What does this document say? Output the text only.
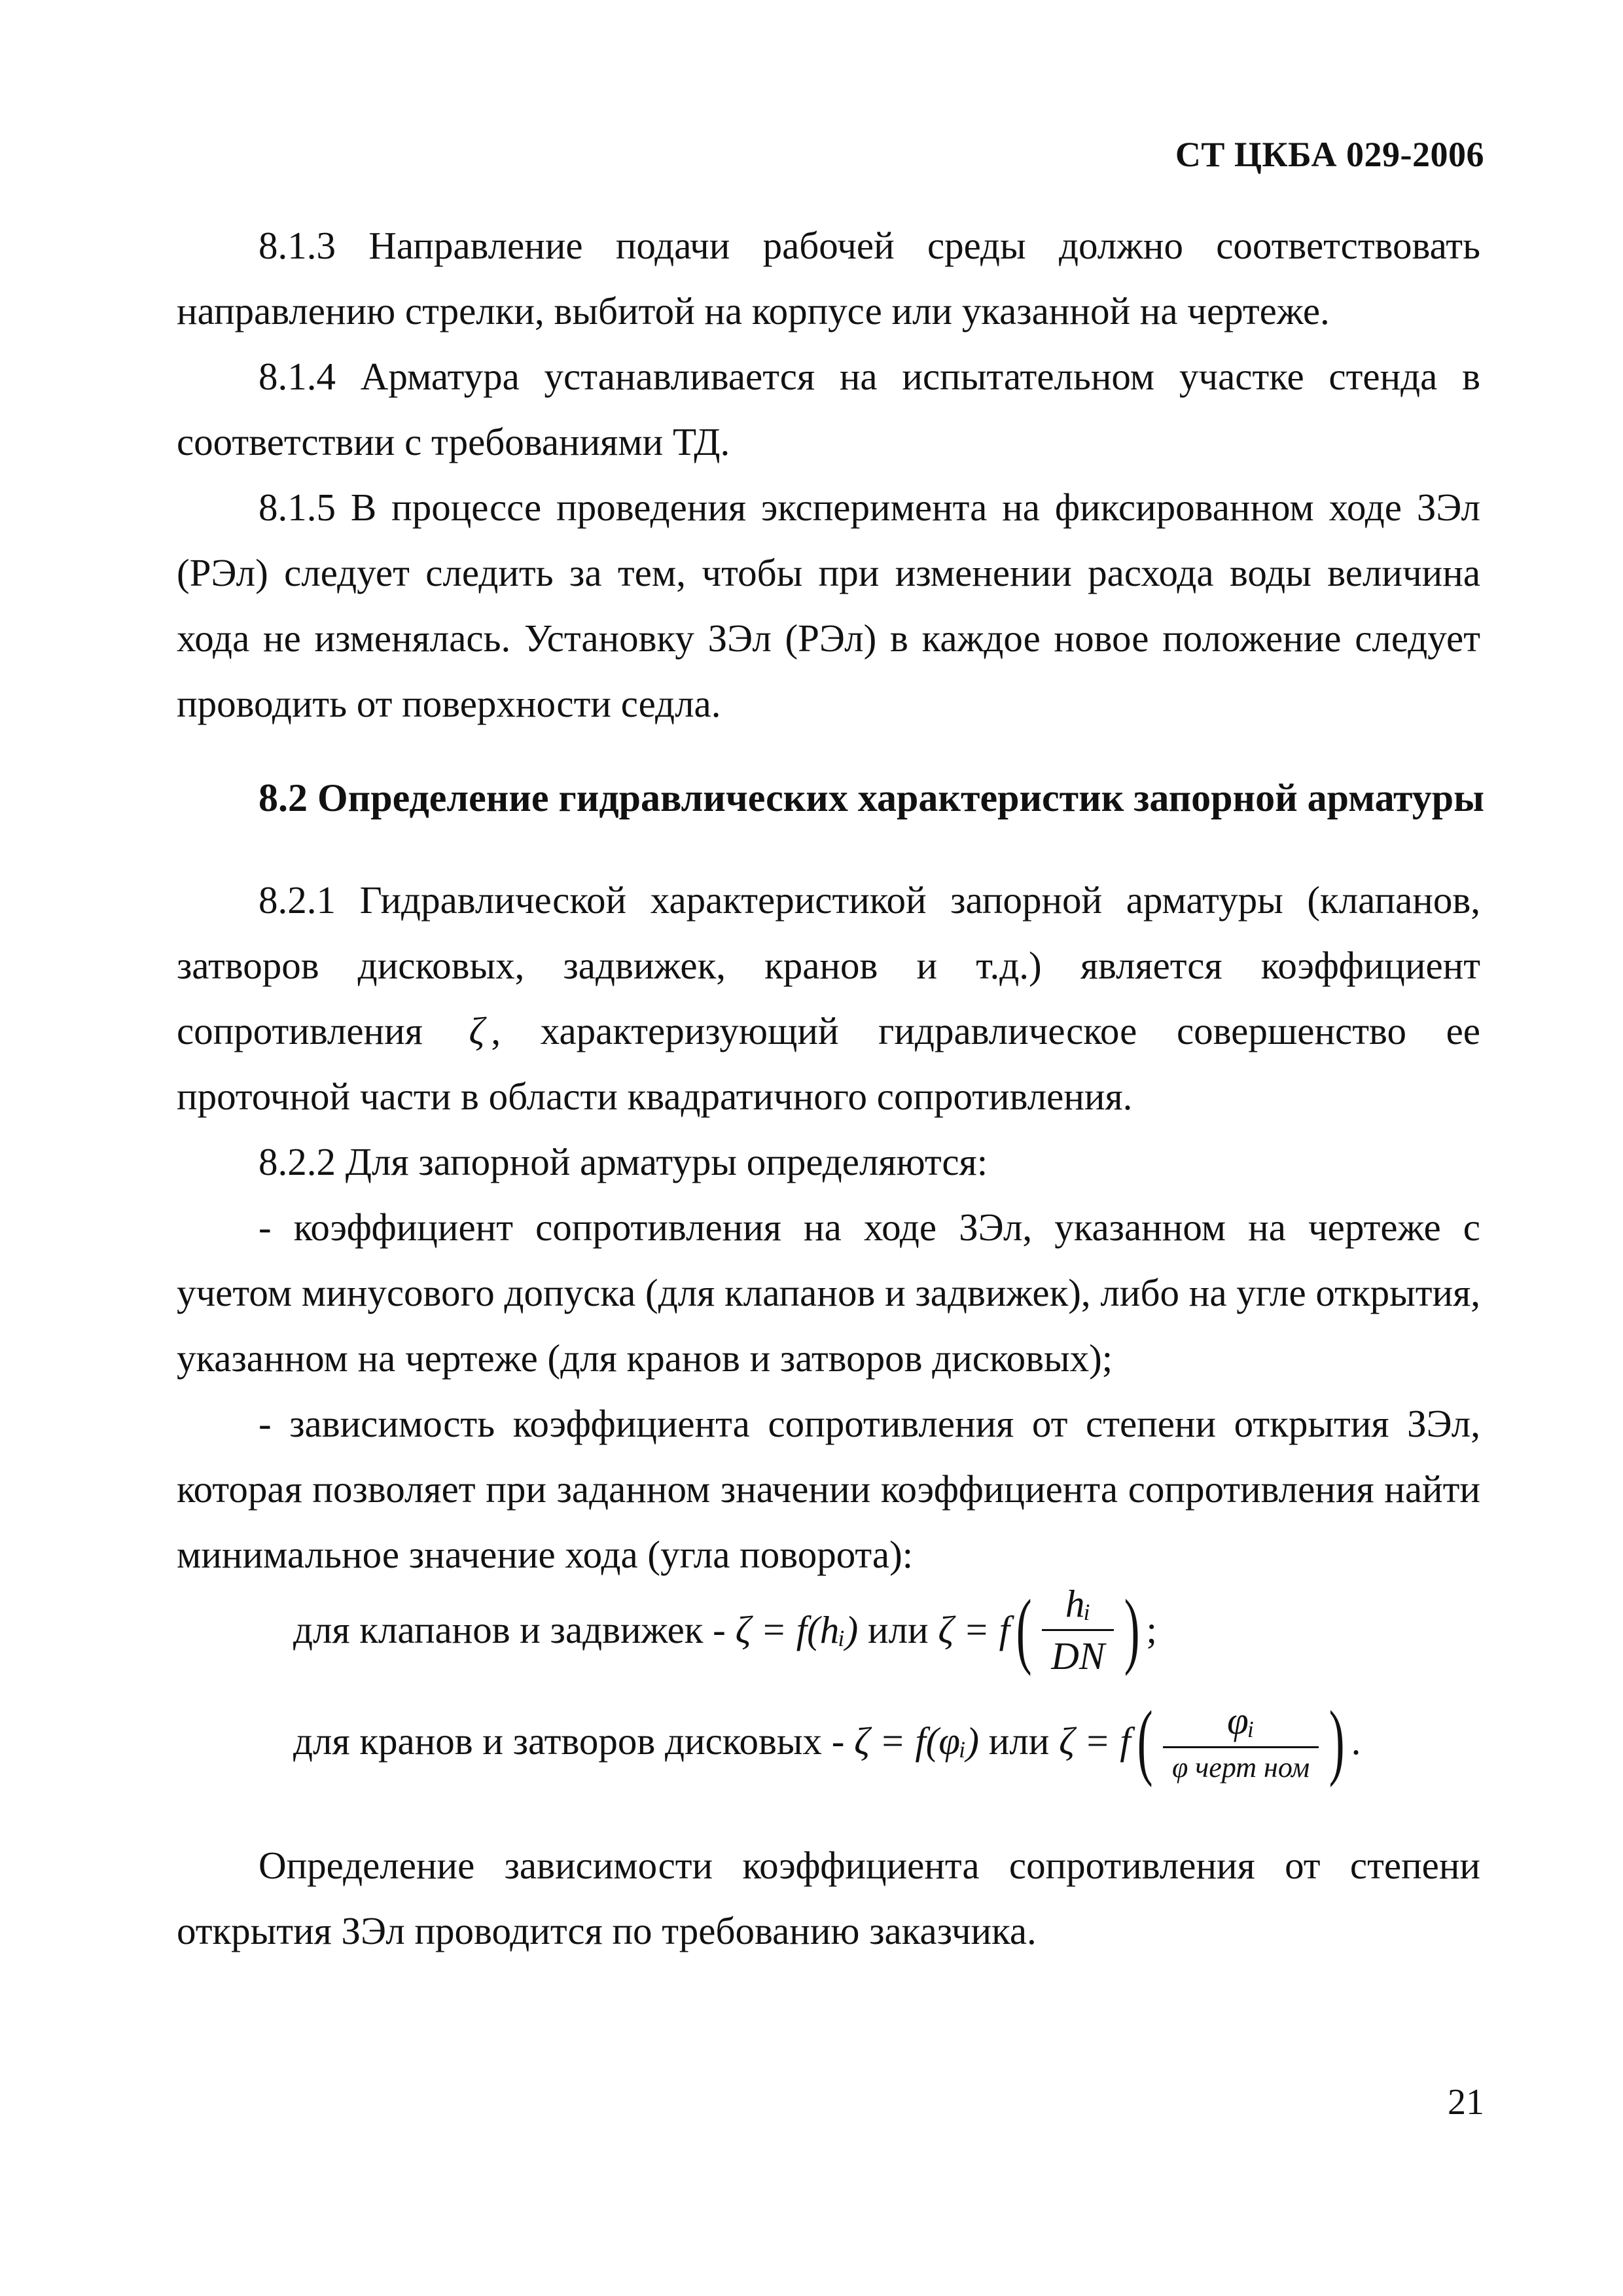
СТ ЦКБА 029-2006
8.1.3 Направление подачи рабочей среды должно соответствовать направлению стрелки, выбитой на корпусе или указанной на чертеже.
8.1.4 Арматура устанавливается на испытательном участке стенда в соответствии с требованиями ТД.
8.1.5 В процессе проведения эксперимента на фиксированном ходе ЗЭл (РЭл) следует следить за тем, чтобы при изменении расхода воды величина хода не изменялась. Установку ЗЭл (РЭл) в каждое новое положение следует проводить от поверхности седла.
8.2 Определение гидравлических характеристик запорной арматуры
8.2.1 Гидравлической характеристикой запорной арматуры (клапанов, затворов дисковых, задвижек, кранов и т.д.) является коэффициент сопротивления ζ , характеризующий гидравлическое совершенство ее проточной части в области квадратичного сопротивления.
8.2.2 Для запорной арматуры определяются:
- коэффициент сопротивления на ходе ЗЭл, указанном на чертеже с учетом минусового допуска (для клапанов и задвижек), либо на угле открытия, указанном на чертеже (для кранов и затворов дисковых);
- зависимость коэффициента сопротивления от степени открытия ЗЭл, которая позволяет при заданном значении коэффициента сопротивления найти минимальное значение хода (угла поворота):
для клапанов и задвижек -
ζ = f(hᵢ)
или
ζ = f ( $\frac{\text{hᵢ}}{DN}$ ) ;
для кранов и затворов дисковых -
ζ = f(φᵢ)
или
ζ = f ( $\frac{\text{φᵢ}}{\text{φ черт ном}}$ ) .
Определение зависимости коэффициента сопротивления от степени открытия ЗЭл проводится по требованию заказчика.
21
